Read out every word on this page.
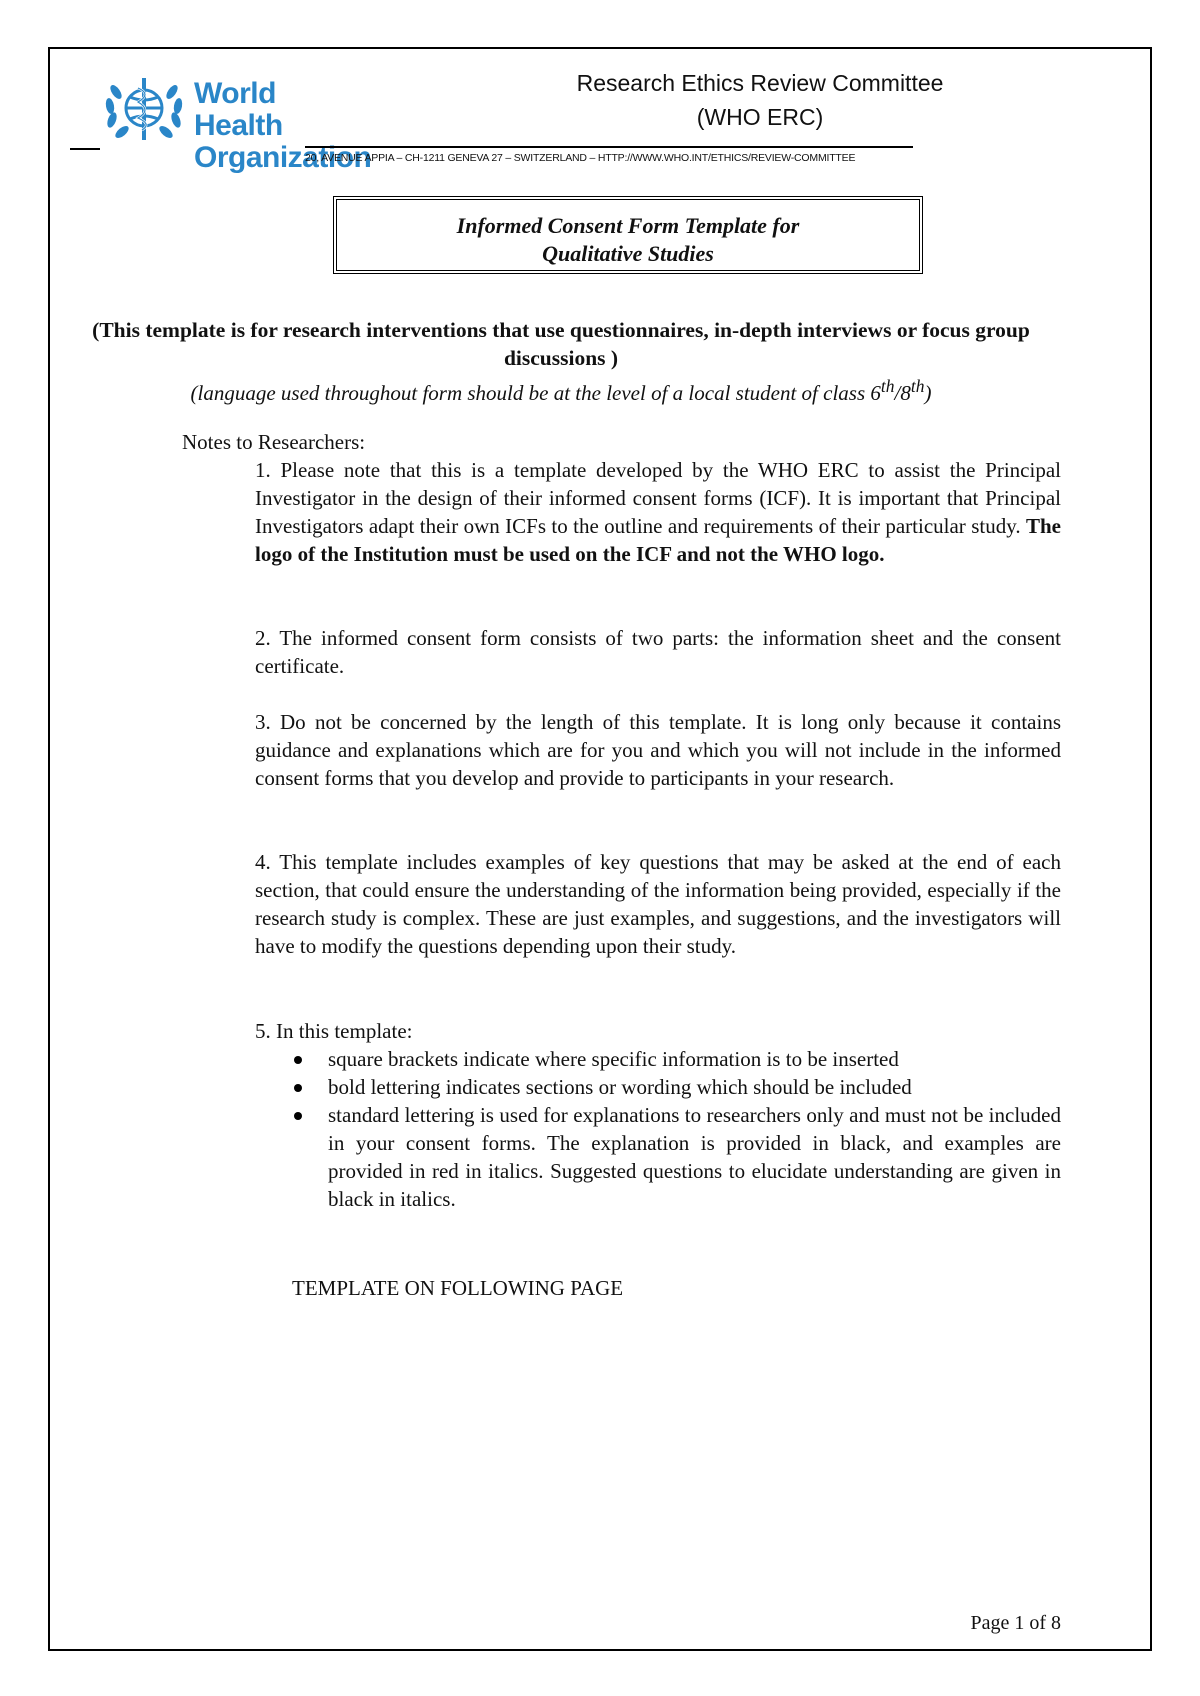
World Health
Organization
Research Ethics Review Committee
(WHO ERC)
20, AVENUE APPIA – CH-1211 GENEVA 27 – SWITZERLAND – HTTP://WWW.WHO.INT/ETHICS/REVIEW-COMMITTEE
Informed Consent Form Template for
Qualitative Studies
(This template is for research interventions that use questionnaires, in-depth interviews or focus group discussions )
(language used throughout form should be at the level of a local student of class 6th/8th)
Notes to Researchers:
1. Please note that this is a template developed by the WHO ERC to assist the Principal Investigator in the design of their informed consent forms (ICF). It is important that Principal Investigators adapt their own ICFs to the outline and requirements of their particular study. The logo of the Institution must be used on the ICF and not the WHO logo.
2. The informed consent form consists of two parts: the information sheet and the consent certificate.
3. Do not be concerned by the length of this template. It is long only because it contains guidance and explanations which are for you and which you will not include in the informed consent forms that you develop and provide to participants in your research.
4. This template includes examples of key questions that may be asked at the end of each section, that could ensure the understanding of the information being provided, especially if the research study is complex. These are just examples, and suggestions, and the investigators will have to modify the questions depending upon their study.
5. In this template:
square brackets indicate where specific information is to be inserted
bold lettering indicates sections or wording which should be included
standard lettering is used for explanations to researchers only and must not be included in your consent forms. The explanation is provided in black, and examples are provided in red in italics. Suggested questions to elucidate understanding are given in black in italics.
TEMPLATE ON FOLLOWING PAGE
Page 1 of 8
